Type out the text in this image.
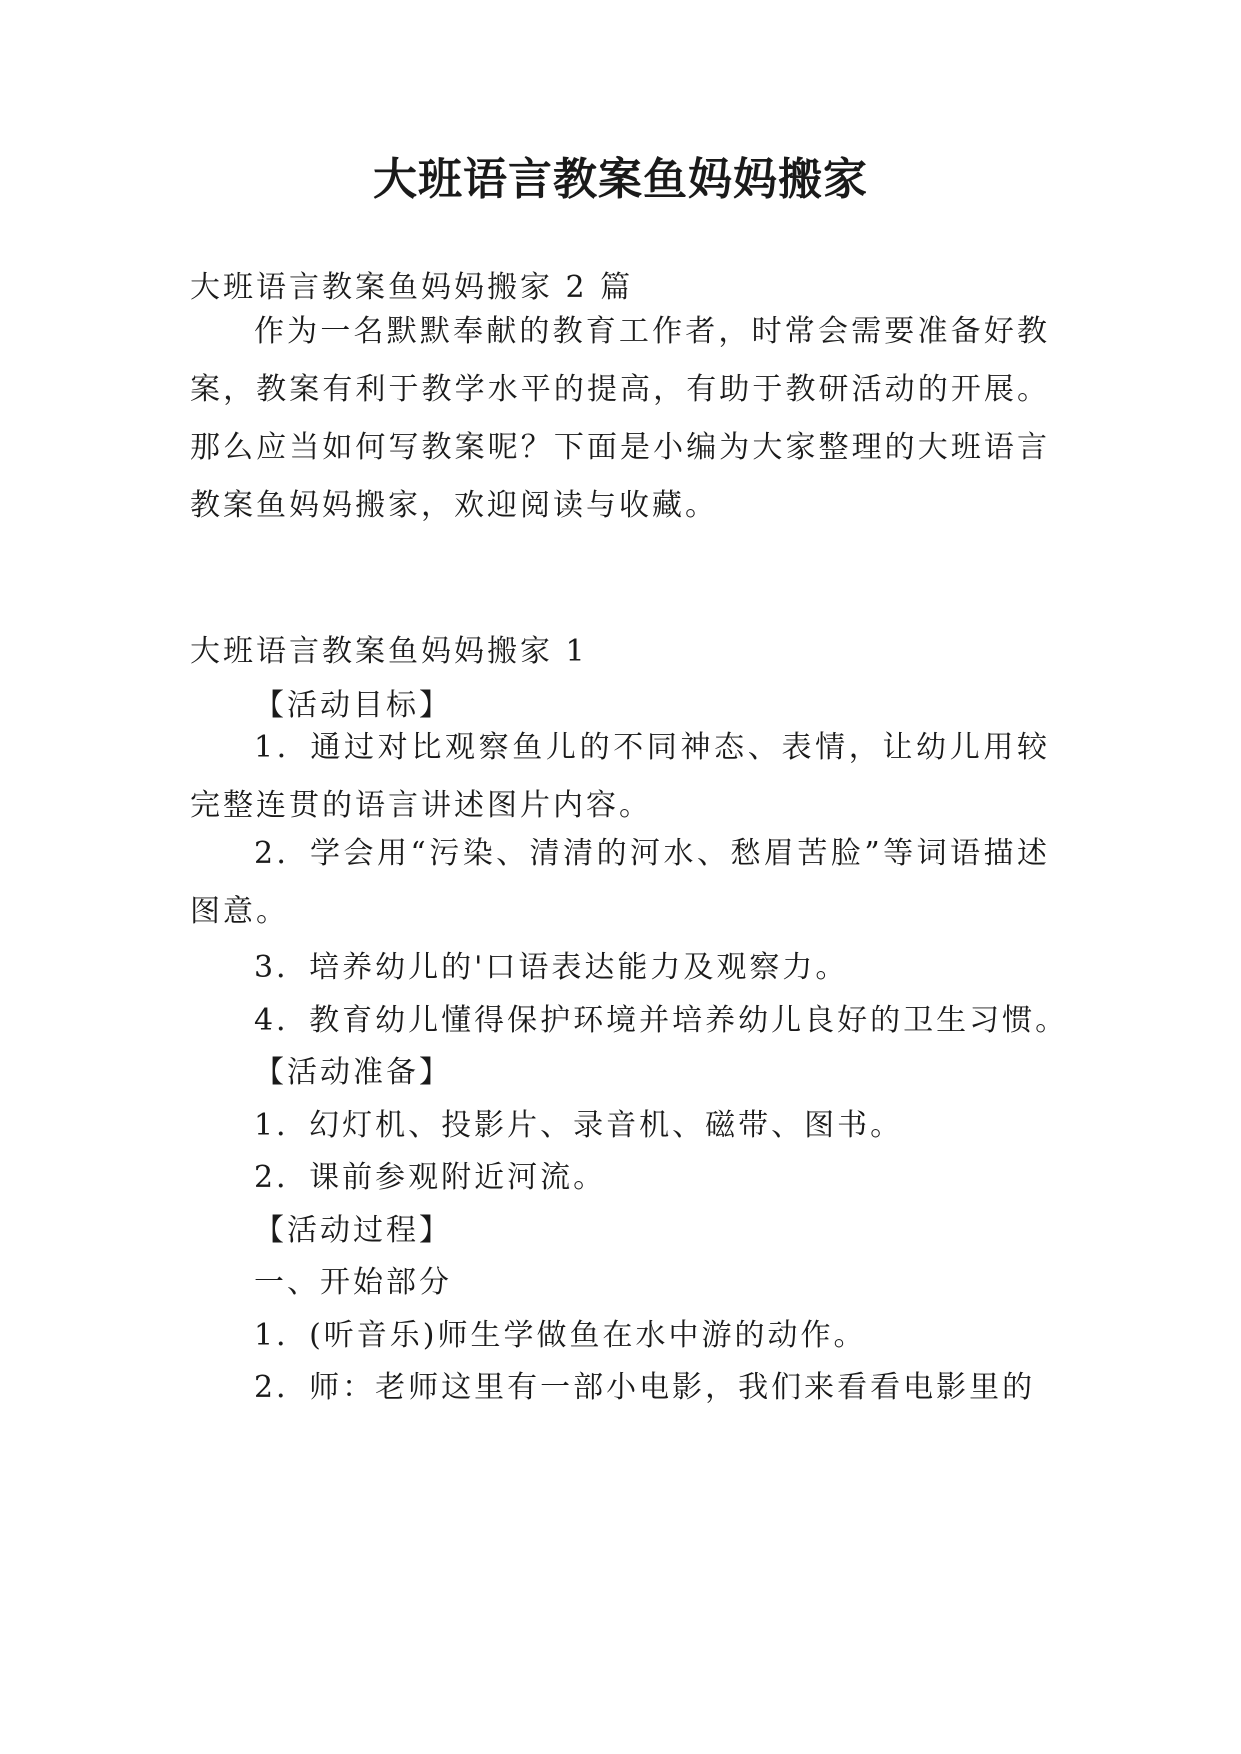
大班语言教案鱼妈妈搬家

大班语言教案鱼妈妈搬家 2 篇

作为一名默默奉献的教育工作者，时常会需要准备好教案，教案有利于教学水平的提高，有助于教研活动的开展。那么应当如何写教案呢？下面是小编为大家整理的大班语言教案鱼妈妈搬家，欢迎阅读与收藏。

大班语言教案鱼妈妈搬家 1

【活动目标】

1．通过对比观察鱼儿的不同神态、表情，让幼儿用较完整连贯的语言讲述图片内容。

2．学会用“污染、清清的河水、愁眉苦脸”等词语描述图意。

3．培养幼儿的'口语表达能力及观察力。

4．教育幼儿懂得保护环境并培养幼儿良好的卫生习惯。

【活动准备】

1．幻灯机、投影片、录音机、磁带、图书。

2．课前参观附近河流。

【活动过程】

一、开始部分

1．(听音乐)师生学做鱼在水中游的动作。

2．师：老师这里有一部小电影，我们来看看电影里的
